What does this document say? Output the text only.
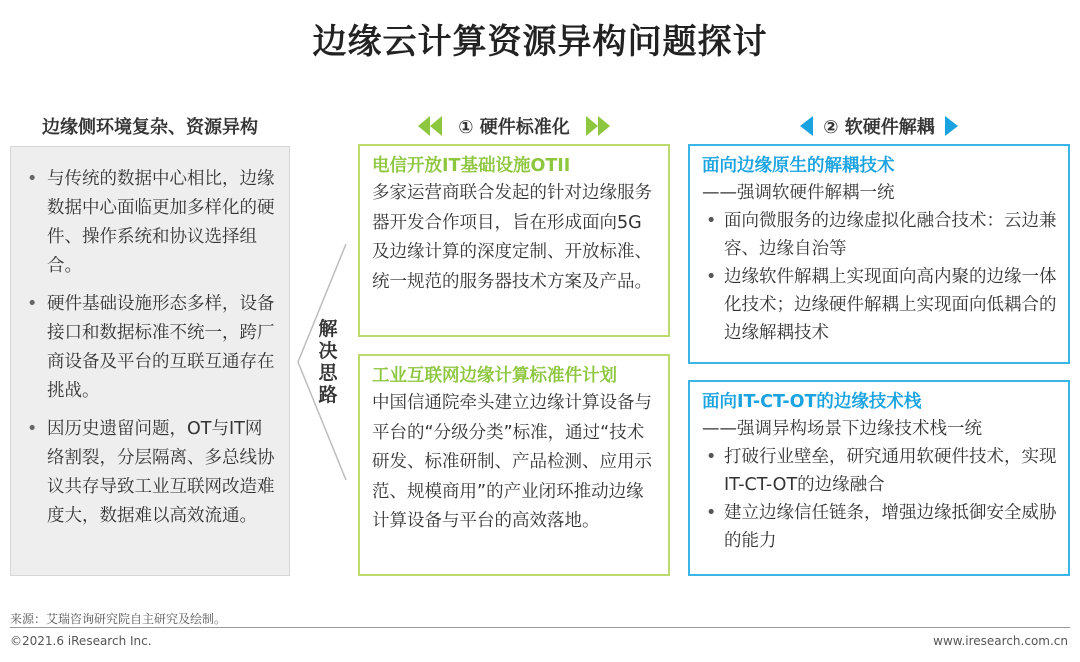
边缘云计算资源异构问题探讨
边缘侧环境复杂、资源异构	① 硬件标准化	② 软硬件解耦
• 与传统的数据中心相比，边缘数据中心面临更加多样化的硬件、操作系统和协议选择组合。
• 硬件基础设施形态多样，设备接口和数据标准不统一，跨厂商设备及平台的互联互通存在挑战。
• 因历史遗留问题，OT与IT网络割裂，分层隔离、多总线协议共存导致工业互联网改造难度大，数据难以高效流通。
解决思路
电信开放IT基础设施OTII
多家运营商联合发起的针对边缘服务器开发合作项目，旨在形成面向5G及边缘计算的深度定制、开放标准、统一规范的服务器技术方案及产品。
工业互联网边缘计算标准件计划
中国信通院牵头建立边缘计算设备与平台的“分级分类”标准，通过“技术研发、标准研制、产品检测、应用示范、规模商用”的产业闭环推动边缘计算设备与平台的高效落地。
面向边缘原生的解耦技术
——强调软硬件解耦一统
• 面向微服务的边缘虚拟化融合技术：云边兼容、边缘自治等
• 边缘软件解耦上实现面向高内聚的边缘一体化技术；边缘硬件解耦上实现面向低耦合的边缘解耦技术
面向IT-CT-OT的边缘技术栈
——强调异构场景下边缘技术栈一统
• 打破行业壁垒，研究通用软硬件技术，实现IT-CT-OT的边缘融合
• 建立边缘信任链条，增强边缘抵御安全威胁的能力
来源：艾瑞咨询研究院自主研究及绘制。
©2021.6 iResearch Inc.	www.iresearch.com.cn
